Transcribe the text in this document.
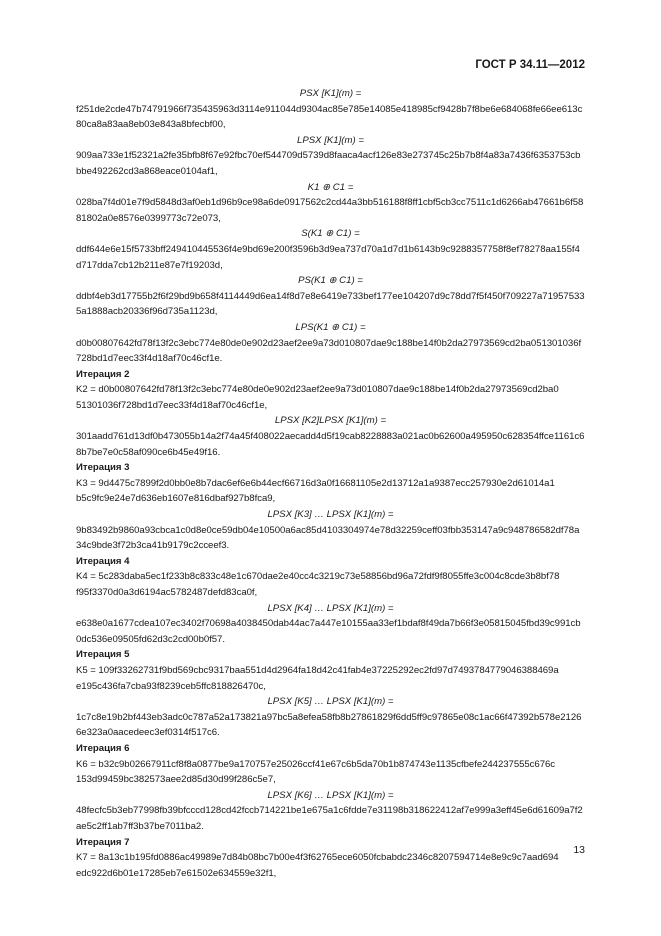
ГОСТ Р 34.11—2012
PSX [K1](m) =
f251de2cde47b74791966f735435963d3114e911044d9304ac85e785e14085e418985cf9428b7f8be6e684068fe66ee613c
80ca8a83aa8eb03e843a8bfecbf00,
LPSX [K1](m) =
909aa733e1f52321a2fe35bfb8f67e92fbc70ef544709d5739d8faaca4acf126e83e273745c25b7b8f4a83a7436f6353753cb
bbe492262cd3a868eace0104af1,
K1 ⊕ C1 =
028ba7f4d01e7f9d5848d3af0eb1d96b9ce98a6de0917562c2cd44a3bb516188f8ff1cbf5cb3cc7511c1d6266ab47661b6f58
81802a0e8576e0399773c72e073,
S(K1 ⊕ C1) =
ddf644e6e15f5733bff249410445536f4e9bd69e200f3596b3d9ea737d70a1d7d1b6143b9c9288357758f8ef78278aa155f4
d717dda7cb12b211e87e7f19203d,
PS(K1 ⊕ C1) =
ddbf4eb3d17755b2f6f29bd9b658f4114449d6ea14f8d7e8e6419e733bef177ee104207d9c78dd7f5f450f709227a71957533
5a1888acb20336f96d735a1123d,
LPS(K1 ⊕ C1) =
d0b00807642fd78f13f2c3ebc774e80de0e902d23aef2ee9a73d010807dae9c188be14f0b2da27973569cd2ba051301036f
728bd1d7eec33f4d18af70c46cf1e.
Итерация 2
K2 = d0b00807642fd78f13f2c3ebc774e80de0e902d23aef2ee9a73d010807dae9c188be14f0b2da27973569cd2ba0
51301036f728bd1d7eec33f4d18af70c46cf1e,
LPSX [K2]LPSX [K1](m) =
301aadd761d13df0b473055b14a2f74a45f408022aecadd4d5f19cab8228883a021ac0b62600a495950c628354ffce1161c6
8b7be7e0c58af090ce6b45e49f16.
Итерация 3
K3 = 9d4475c7899f2d0bb0e8b7dac6ef6e6b44ecf66716d3a0f16681105e2d13712a1a9387ecc257930e2d61014a1
b5c9fc9e24e7d636eb1607e816dbaf927b8fca9,
LPSX [K3] … LPSX [K1](m) =
9b83492b9860a93cbca1c0d8e0ce59db04e10500a6ac85d4103304974e78d32259ceff03fbb353147a9c948786582df78a
34c9bde3f72b3ca41b9179c2cceef3.
Итерация 4
K4 = 5c283daba5ec1f233b8c833c48e1c670dae2e40cc4c3219c73e58856bd96a72fdf9f8055ffe3c004c8cde3b8bf78
f95f3370d0a3d6194ac5782487defd83ca0f,
LPSX [K4] … LPSX [K1](m) =
e638e0a1677cdea107ec3402f70698a4038450dab44ac7a447e10155aa33ef1bdaf8f49da7b66f3e05815045fbd39c991cb
0dc536e09505fd62d3c2cd00b0f57.
Итерация 5
K5 = 109f33262731f9bd569cbc9317baa551d4d2964fa18d42c41fab4e37225292ec2fd97d7493784779046388469a
e195c436fa7cba93f8239ceb5ffc818826470c,
LPSX [K5] … LPSX [K1](m) =
1c7c8e19b2bf443eb3adc0c787a52a173821a97bc5a8efea58fb8b27861829f6dd5ff9c97865e08c1ac66f47392b578e2126
6e323a0aacedeec3ef0314f517c6.
Итерация 6
K6 = b32c9b02667911cf8f8a0877be9a170757e25026ccf41e67c6b5da70b1b874743e1135cfbefe244237555c676c
153d99459bc382573aee2d85d30d99f286c5e7,
LPSX [K6] … LPSX [K1](m) =
48fecfc5b3eb77998fb39bfcccd128cd42fccb714221be1e675a1c6fdde7e31198b318622412af7e999a3eff45e6d61609a7f2
ae5c2ff1ab7ff3b37be7011ba2.
Итерация 7
K7 = 8a13c1b195fd0886ac49989e7d84b08bc7b00e4f3f62765ece6050fcbabdc2346c8207594714e8e9c9c7aad694
edc922d6b01e17285eb7e61502e634559e32f1,
13
